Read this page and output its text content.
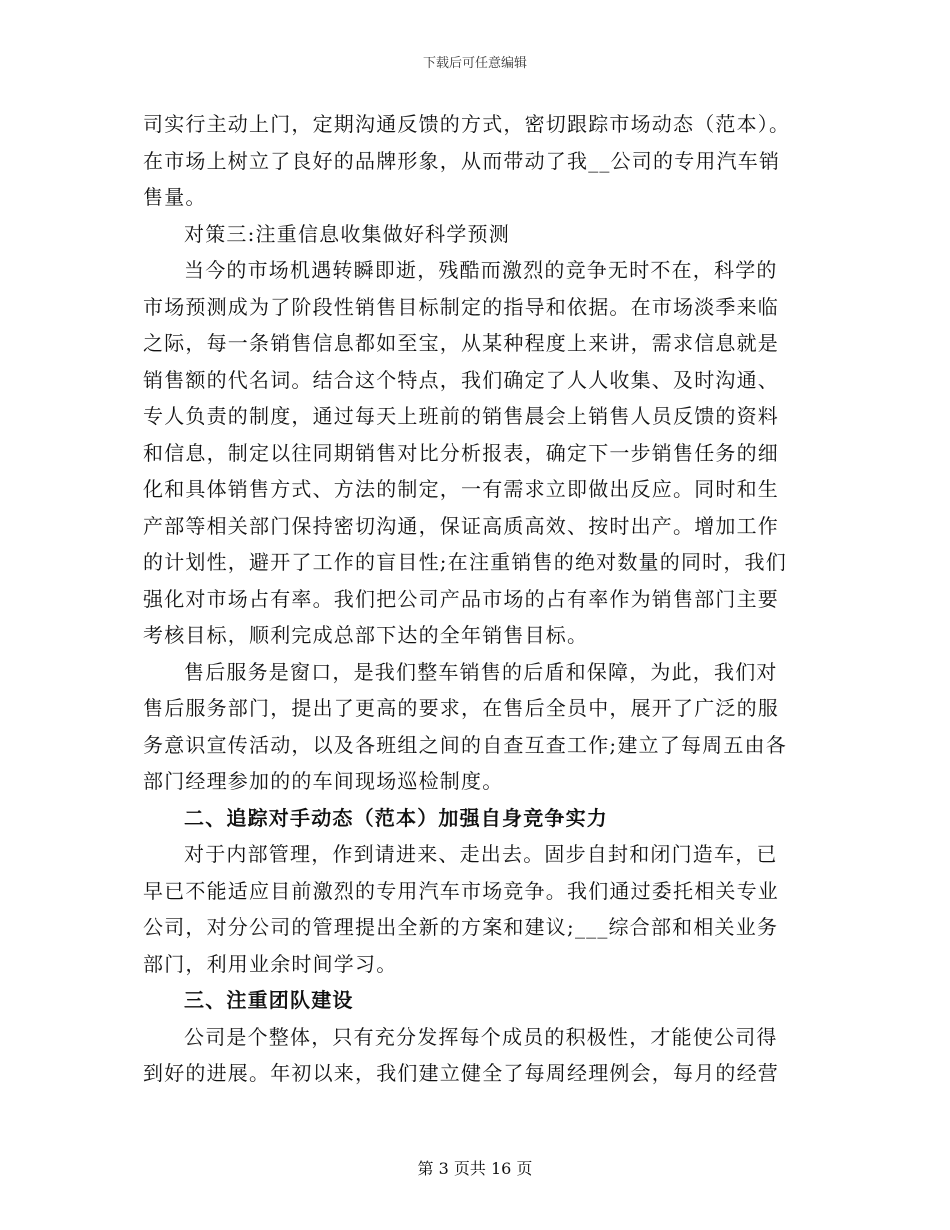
下载后可任意编辑
司实行主动上门，定期沟通反馈的方式，密切跟踪市场动态（范本）。
在市场上树立了良好的品牌形象，从而带动了我__公司的专用汽车销
售量。
对策三:注重信息收集做好科学预测
当今的市场机遇转瞬即逝，残酷而激烈的竞争无时不在，科学的
市场预测成为了阶段性销售目标制定的指导和依据。在市场淡季来临
之际，每一条销售信息都如至宝，从某种程度上来讲，需求信息就是
销售额的代名词。结合这个特点，我们确定了人人收集、及时沟通、
专人负责的制度，通过每天上班前的销售晨会上销售人员反馈的资料
和信息，制定以往同期销售对比分析报表，确定下一步销售任务的细
化和具体销售方式、方法的制定，一有需求立即做出反应。同时和生
产部等相关部门保持密切沟通，保证高质高效、按时出产。增加工作
的计划性，避开了工作的盲目性;在注重销售的绝对数量的同时，我们
强化对市场占有率。我们把公司产品市场的占有率作为销售部门主要
考核目标，顺利完成总部下达的全年销售目标。
售后服务是窗口，是我们整车销售的后盾和保障，为此，我们对
售后服务部门，提出了更高的要求，在售后全员中，展开了广泛的服
务意识宣传活动，以及各班组之间的自查互查工作;建立了每周五由各
部门经理参加的的车间现场巡检制度。
二、追踪对手动态（范本）加强自身竞争实力
对于内部管理，作到请进来、走出去。固步自封和闭门造车，已
早已不能适应目前激烈的专用汽车市场竞争。我们通过委托相关专业
公司，对分公司的管理提出全新的方案和建议;___综合部和相关业务
部门，利用业余时间学习。
三、注重团队建设
公司是个整体，只有充分发挥每个成员的积极性，才能使公司得
到好的进展。年初以来，我们建立健全了每周经理例会，每月的经营
第 3 页共 16 页
